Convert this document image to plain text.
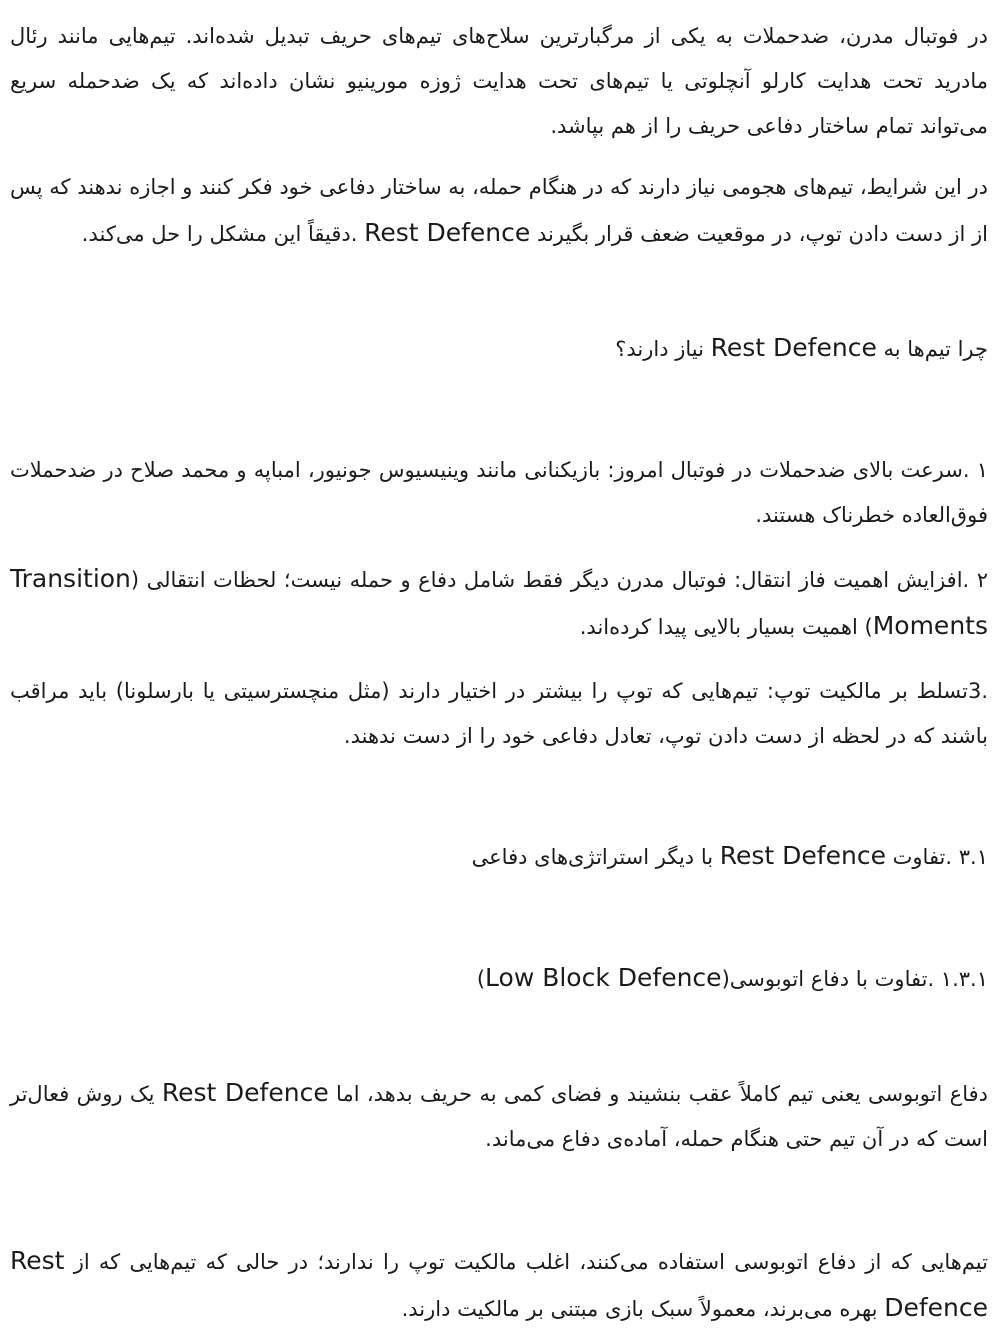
در فوتبال مدرن، ضدحملات به یکی از مرگبارترین سلاح‌های تیم‌های حریف تبدیل شده‌اند. تیم‌هایی مانند رئال مادرید تحت هدایت کارلو آنچلوتی یا تیم‌های تحت هدایت ژوزه مورینیو نشان داده‌اند که یک ضدحمله سریع می‌تواند تمام ساختار دفاعی حریف را از هم بپاشد.

در این شرایط، تیم‌های هجومی نیاز دارند که در هنگام حمله، به ساختار دفاعی خود فکر کنند و اجازه ندهند که پس از از دست دادن توپ، در موقعیت ضعف قرار بگیرند Rest Defence .دقیقاً این مشکل را حل می‌کند.

چرا تیم‌ها به Rest Defence نیاز دارند؟

۱ .سرعت بالای ضدحملات در فوتبال امروز: بازیکنانی مانند وینیسیوس جونیور، امباپه و محمد صلاح در ضدحملات فوق‌العاده خطرناک هستند.

۲ .افزایش اهمیت فاز انتقال: فوتبال مدرن دیگر فقط شامل دفاع و حمله نیست؛ لحظات انتقالی (Transition Moments) اهمیت بسیار بالایی پیدا کرده‌اند.

.3تسلط بر مالکیت توپ: تیم‌هایی که توپ را بیشتر در اختیار دارند (مثل منچسترسیتی یا بارسلونا) باید مراقب باشند که در لحظه از دست دادن توپ، تعادل دفاعی خود را از دست ندهند.

۳.۱ .تفاوت Rest Defence با دیگر استراتژی‌های دفاعی
۱.۳.۱ .تفاوت با دفاع اتوبوسی(Low Block Defence)

دفاع اتوبوسی یعنی تیم کاملاً عقب بنشیند و فضای کمی به حریف بدهد، اما Rest Defence یک روش فعال‌تر است که در آن تیم حتی هنگام حمله، آماده‌ی دفاع می‌ماند.

تیم‌هایی که از دفاع اتوبوسی استفاده می‌کنند، اغلب مالکیت توپ را ندارند؛ در حالی که تیم‌هایی که از Rest Defence بهره می‌برند، معمولاً سبک بازی مبتنی بر مالکیت دارند.
